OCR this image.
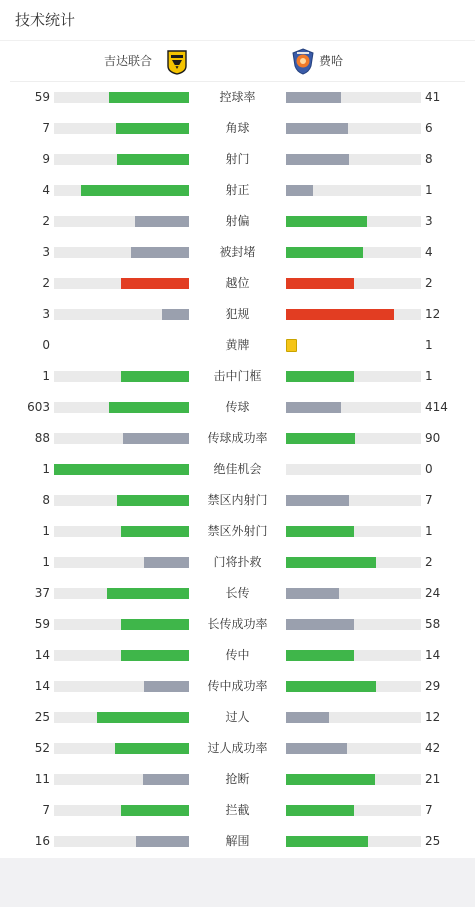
技术统计
吉达联合	费哈
59	控球率	41
7	角球	6
9	射门	8
4	射正	1
2	射偏	3
3	被封堵	4
2	越位	2
3	犯规	12
0	黄牌	1
1	击中门框	1
603	传球	414
88	传球成功率	90
1	绝佳机会	0
8	禁区内射门	7
1	禁区外射门	1
1	门将扑救	2
37	长传	24
59	长传成功率	58
14	传中	14
14	传中成功率	29
25	过人	12
52	过人成功率	42
11	抢断	21
7	拦截	7
16	解围	25
